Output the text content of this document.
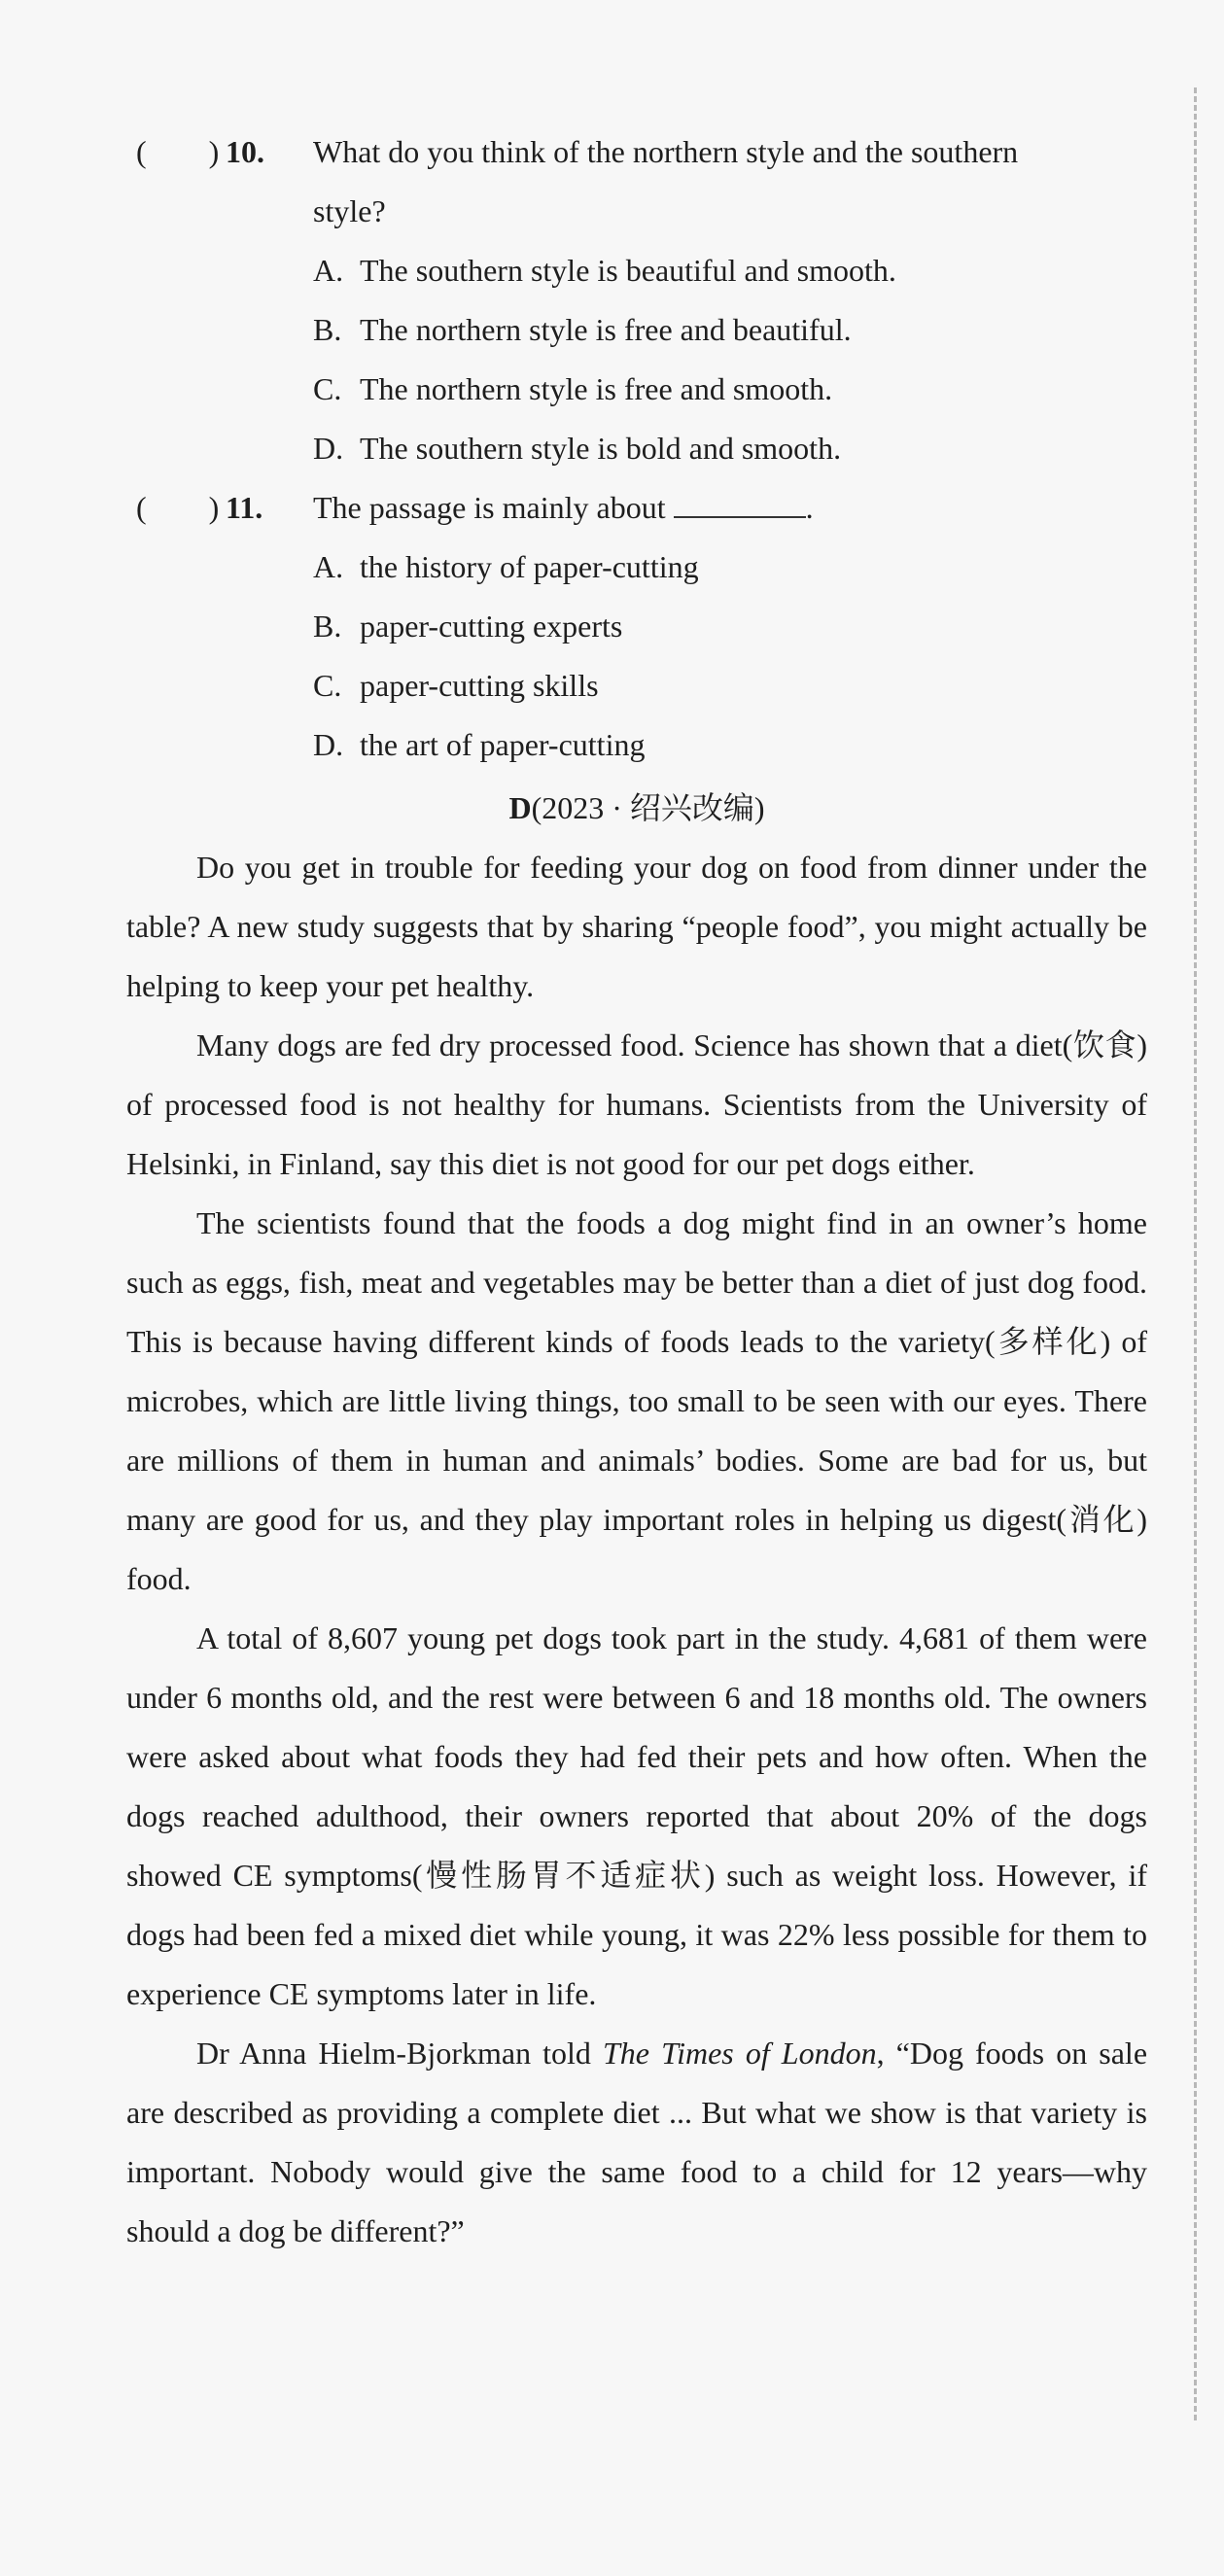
(  ) 10. What do you think of the northern style and the southern
style?
A. The southern style is beautiful and smooth.
B. The northern style is free and beautiful.
C. The northern style is free and smooth.
D. The southern style is bold and smooth.
(  ) 11. The passage is mainly about	.
A. the history of paper-cutting
B. paper-cutting experts
C. paper-cutting skills
D. the art of paper-cutting
D(2023 · 绍兴改编)

Do you get in trouble for feeding your dog on food from dinner under the table? A new study suggests that by sharing “people food”, you might actually be helping to keep your pet healthy.

Many dogs are fed dry processed food. Science has shown that a diet(饮食) of processed food is not healthy for humans. Scientists from the University of Helsinki, in Finland, say this diet is not good for our pet dogs either.

The scientists found that the foods a dog might find in an owner’s home such as eggs, fish, meat and vegetables may be better than a diet of just dog food. This is because having different kinds of foods leads to the variety(多样化) of microbes, which are little living things, too small to be seen with our eyes. There are millions of them in human and animals’ bodies. Some are bad for us, but many are good for us, and they play important roles in helping us digest(消化) food.

A total of 8,607 young pet dogs took part in the study. 4,681 of them were under 6 months old, and the rest were between 6 and 18 months old. The owners were asked about what foods they had fed their pets and how often. When the dogs reached adulthood, their owners reported that about 20% of the dogs showed CE symptoms(慢性肠胃不适症状) such as weight loss. However, if dogs had been fed a mixed diet while young, it was 22% less possible for them to experience CE symptoms later in life.

Dr Anna Hielm-Bjorkman told The Times of London, “Dog foods on sale are described as providing a complete diet ... But what we show is that variety is important. Nobody would give the same food to a child for 12 years—why should a dog be different?”
